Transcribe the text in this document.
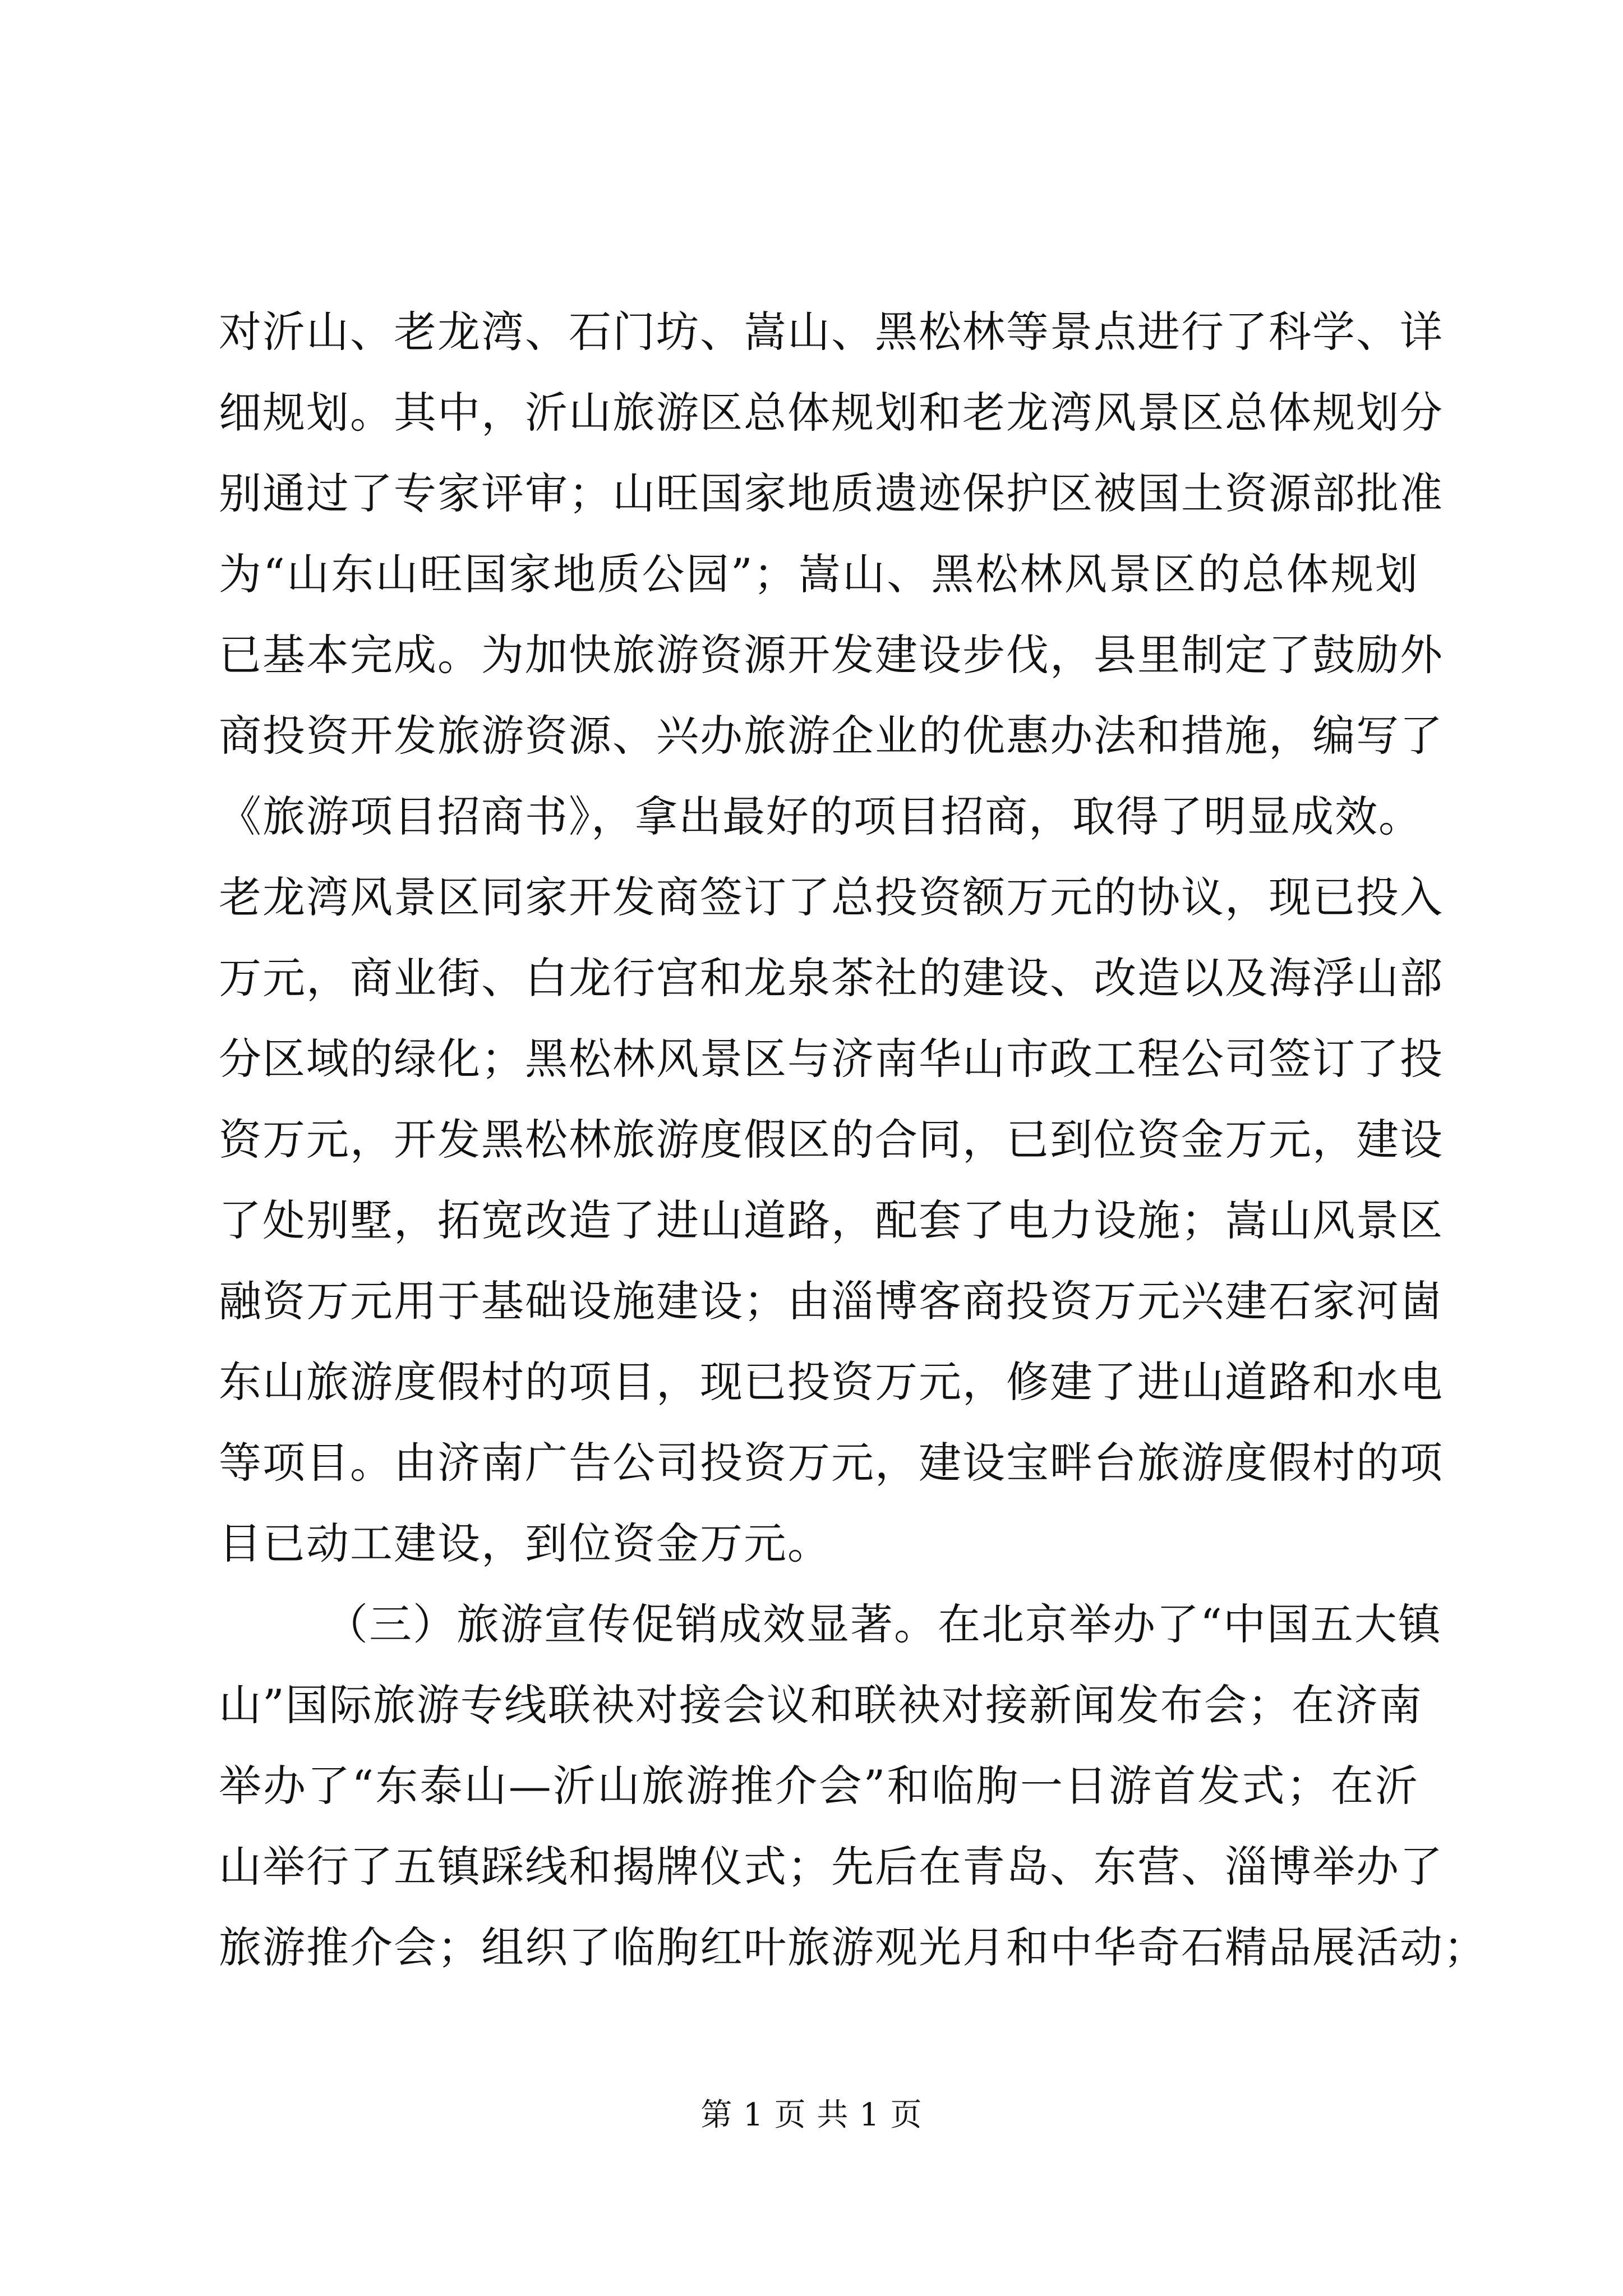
对沂山、老龙湾、石门坊、嵩山、黑松林等景点进行了科学、详
细规划。其中，沂山旅游区总体规划和老龙湾风景区总体规划分
别通过了专家评审；山旺国家地质遗迹保护区被国土资源部批准
为“山东山旺国家地质公园”；嵩山、黑松林风景区的总体规划
已基本完成。为加快旅游资源开发建设步伐，县里制定了鼓励外
商投资开发旅游资源、兴办旅游企业的优惠办法和措施，编写了
《旅游项目招商书》，拿出最好的项目招商，取得了明显成效。
老龙湾风景区同家开发商签订了总投资额万元的协议，现已投入
万元，商业街、白龙行宫和龙泉茶社的建设、改造以及海浮山部
分区域的绿化；黑松林风景区与济南华山市政工程公司签订了投
资万元，开发黑松林旅游度假区的合同，已到位资金万元，建设
了处别墅，拓宽改造了进山道路，配套了电力设施；嵩山风景区
融资万元用于基础设施建设；由淄博客商投资万元兴建石家河崮
东山旅游度假村的项目，现已投资万元，修建了进山道路和水电
等项目。由济南广告公司投资万元，建设宝畔台旅游度假村的项
目已动工建设，到位资金万元。
（三）旅游宣传促销成效显著。在北京举办了“中国五大镇
山”国际旅游专线联袂对接会议和联袂对接新闻发布会；在济南
举办了“东泰山—沂山旅游推介会”和临朐一日游首发式；在沂
山举行了五镇踩线和揭牌仪式；先后在青岛、东营、淄博举办了
旅游推介会；组织了临朐红叶旅游观光月和中华奇石精品展活动；
第 1 页 共 1 页
